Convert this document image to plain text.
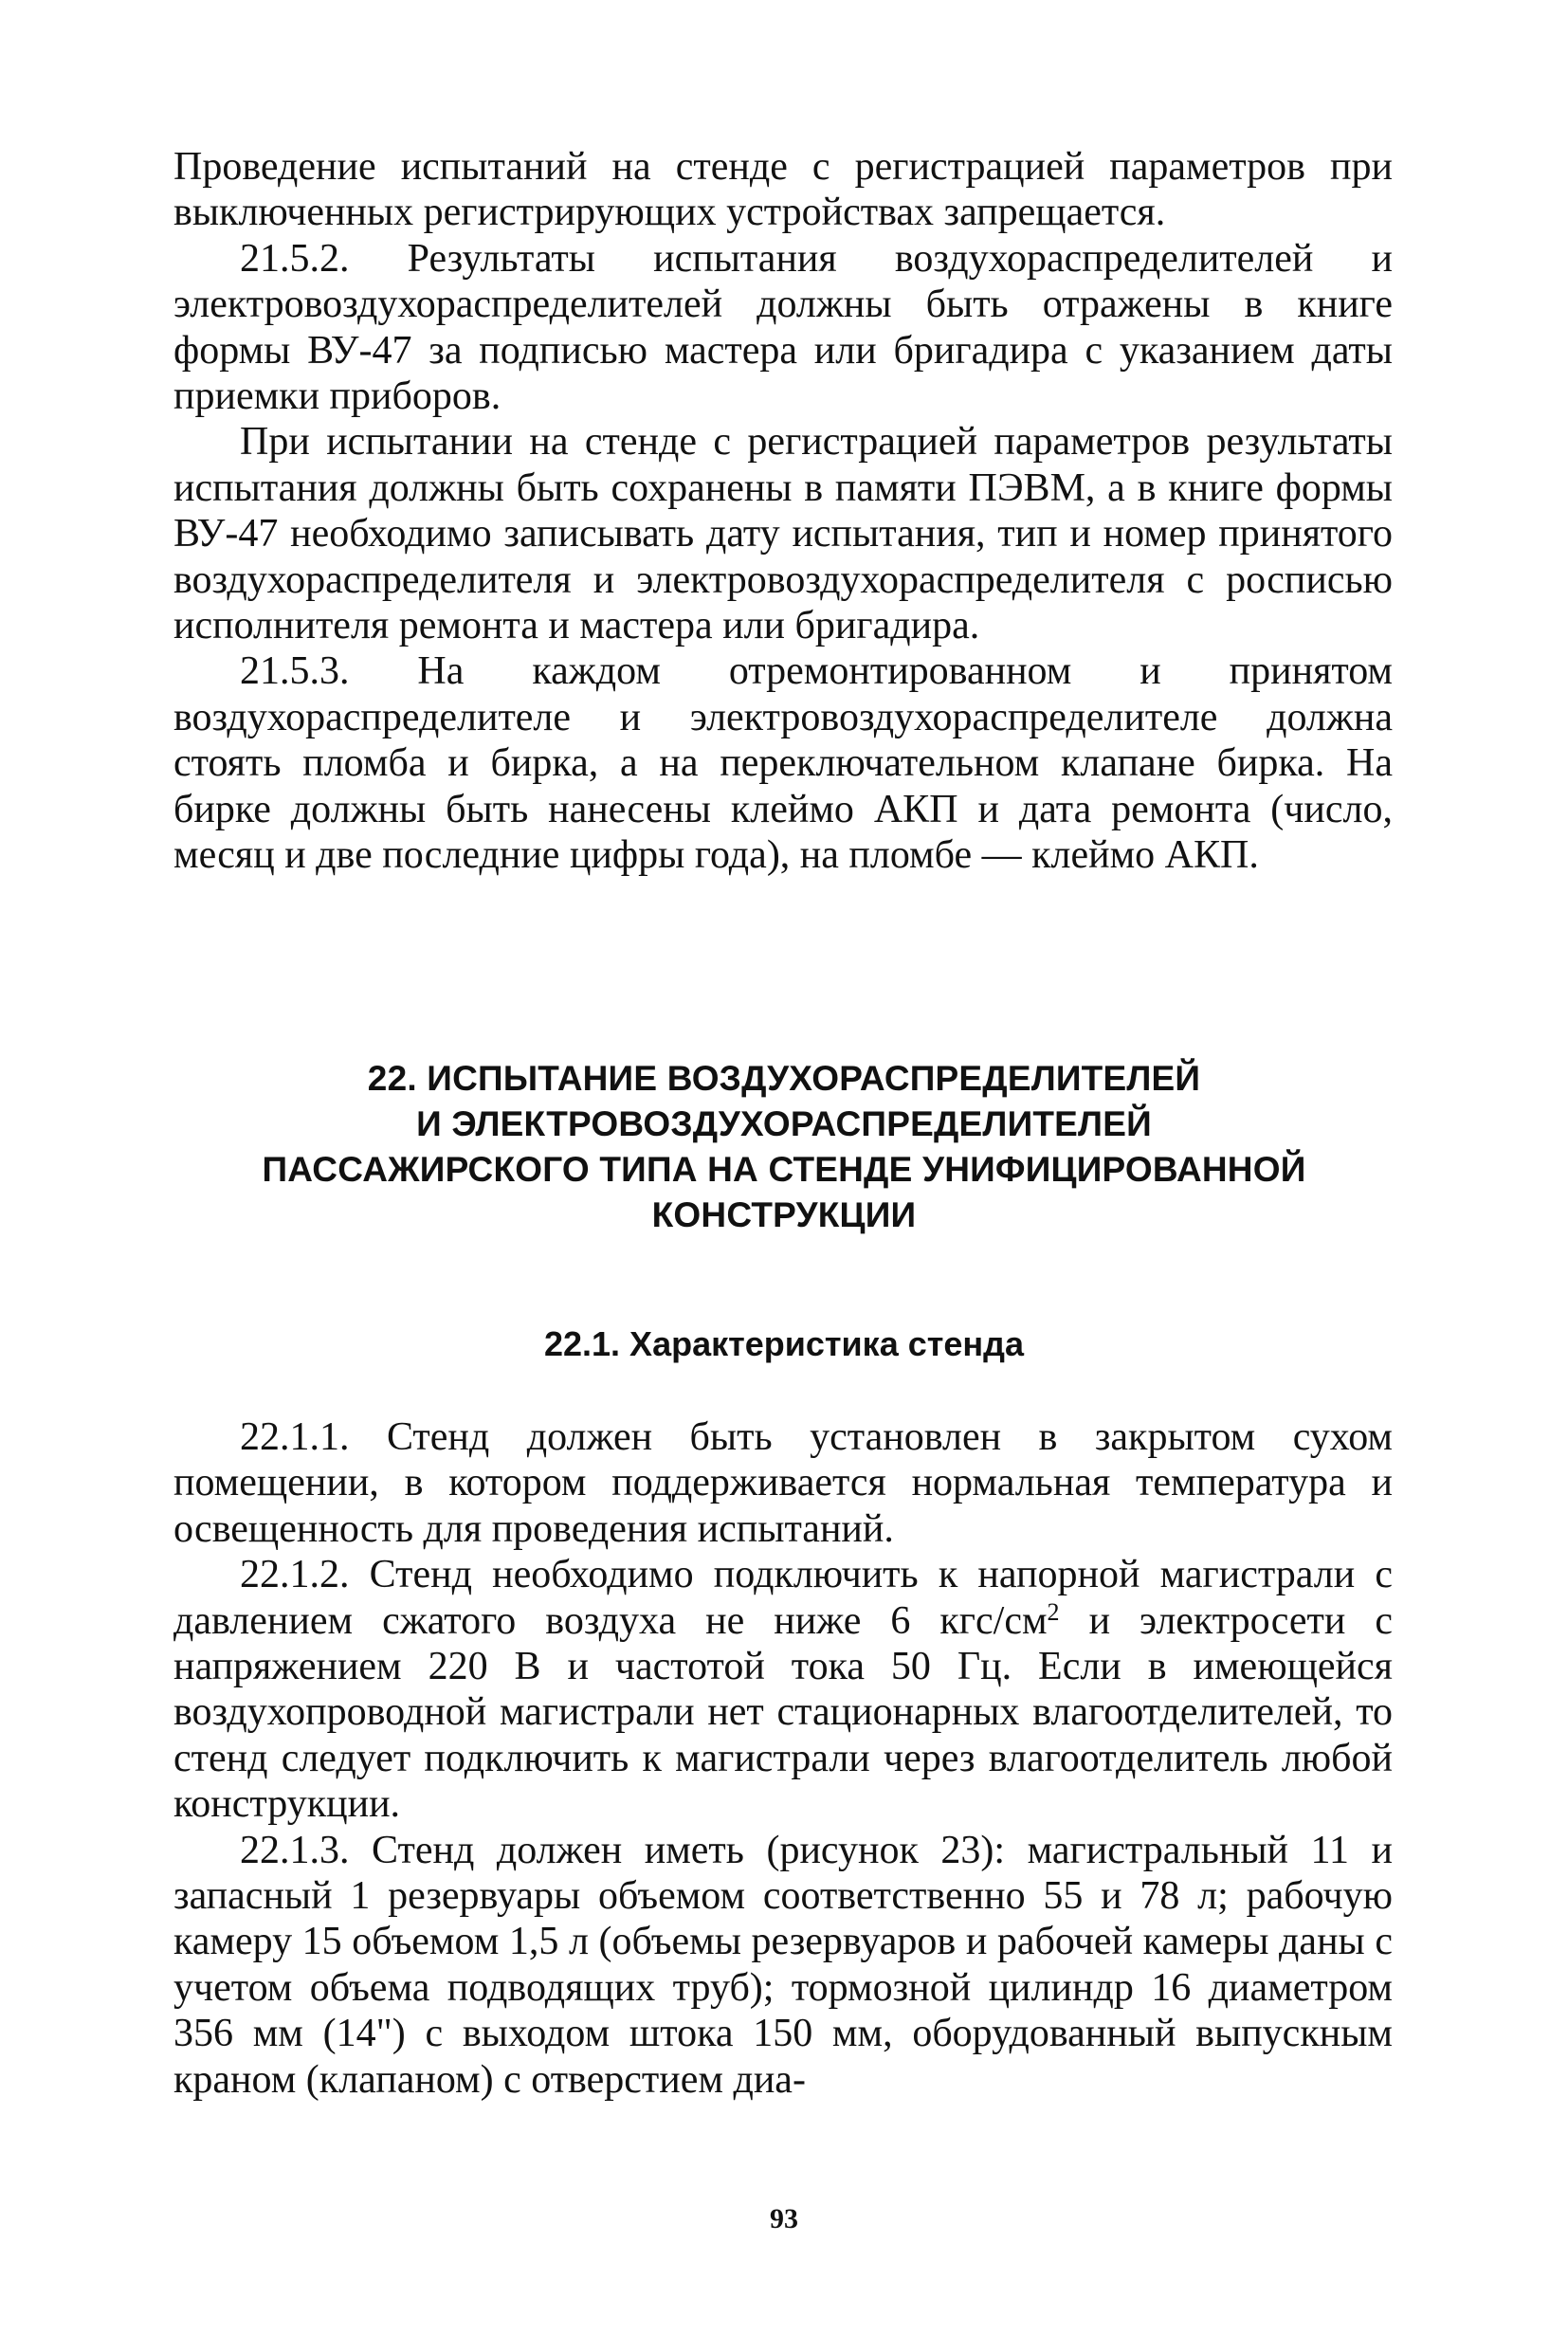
Проведение испытаний на стенде с регистрацией параметров при выключенных регистрирующих устройствах запрещается.

21.5.2. Результаты испытания воздухораспределителей и электровоздухораспределителей должны быть отражены в книге формы ВУ-47 за подписью мастера или бригадира с указанием даты приемки приборов.

При испытании на стенде с регистрацией параметров результаты испытания должны быть сохранены в памяти ПЭВМ, а в книге формы ВУ-47 необходимо записывать дату испытания, тип и номер принятого воздухораспределителя и электровоздухораспределителя с росписью исполнителя ремонта и мастера или бригадира.

21.5.3. На каждом отремонтированном и принятом воздухораспределителе и электровоздухораспределителе должна стоять пломба и бирка, а на переключательном клапане бирка. На бирке должны быть нанесены клеймо АКП и дата ремонта (число, месяц и две последние цифры года), на пломбе — клеймо АКП.

22. ИСПЫТАНИЕ ВОЗДУХОРАСПРЕДЕЛИТЕЛЕЙ
И ЭЛЕКТРОВОЗДУХОРАСПРЕДЕЛИТЕЛЕЙ
ПАССАЖИРСКОГО ТИПА НА СТЕНДЕ УНИФИЦИРОВАННОЙ
КОНСТРУКЦИИ
22.1. Характеристика стенда

22.1.1. Стенд должен быть установлен в закрытом сухом помещении, в котором поддерживается нормальная температура и освещенность для проведения испытаний.

22.1.2. Стенд необходимо подключить к напорной магистрали с давлением сжатого воздуха не ниже 6 кгс/$см^2$ и электросети с напряжением 220 В и частотой тока 50 Гц. Если в имеющейся воздухопроводной магистрали нет стационарных влагоотделителей, то стенд следует подключить к магистрали через влагоотделитель любой конструкции.

22.1.3. Стенд должен иметь (рисунок 23): магистральный 11 и запасный 1 резервуары объемом соответственно 55 и 78 л; рабочую камеру 15 объемом 1,5 л (объемы резервуаров и рабочей камеры даны с учетом объема подводящих труб); тормозной цилиндр 16 диаметром 356 мм (14") с выходом штока 150 мм, оборудованный выпускным краном (клапаном) с отверстием диа-

93
